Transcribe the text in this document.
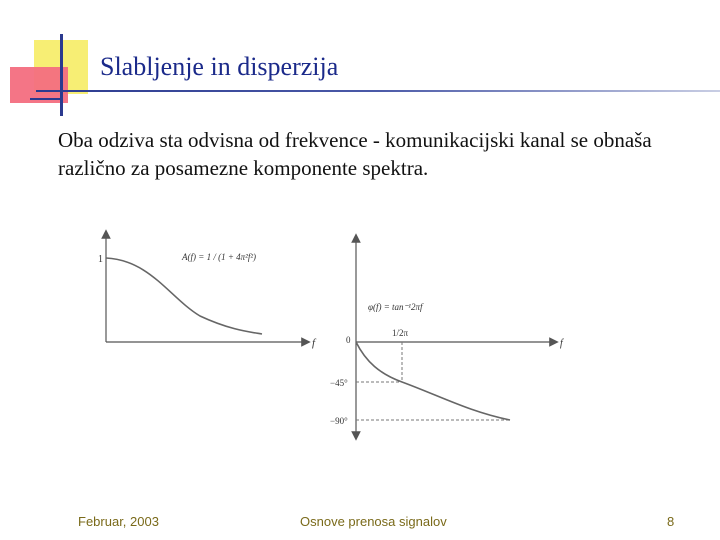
Slabljenje in disperzija
Oba odziva sta odvisna od frekvence - komunikacijski kanal se obnaša različno za posamezne komponente spektra.
1
f
A(f) = 1 / (1 + 4π²f²)
φ(f) = tan⁻¹2πf
0
1/2π
f
−45°
−90°
Februar, 2003	Osnove prenosa signalov	8
